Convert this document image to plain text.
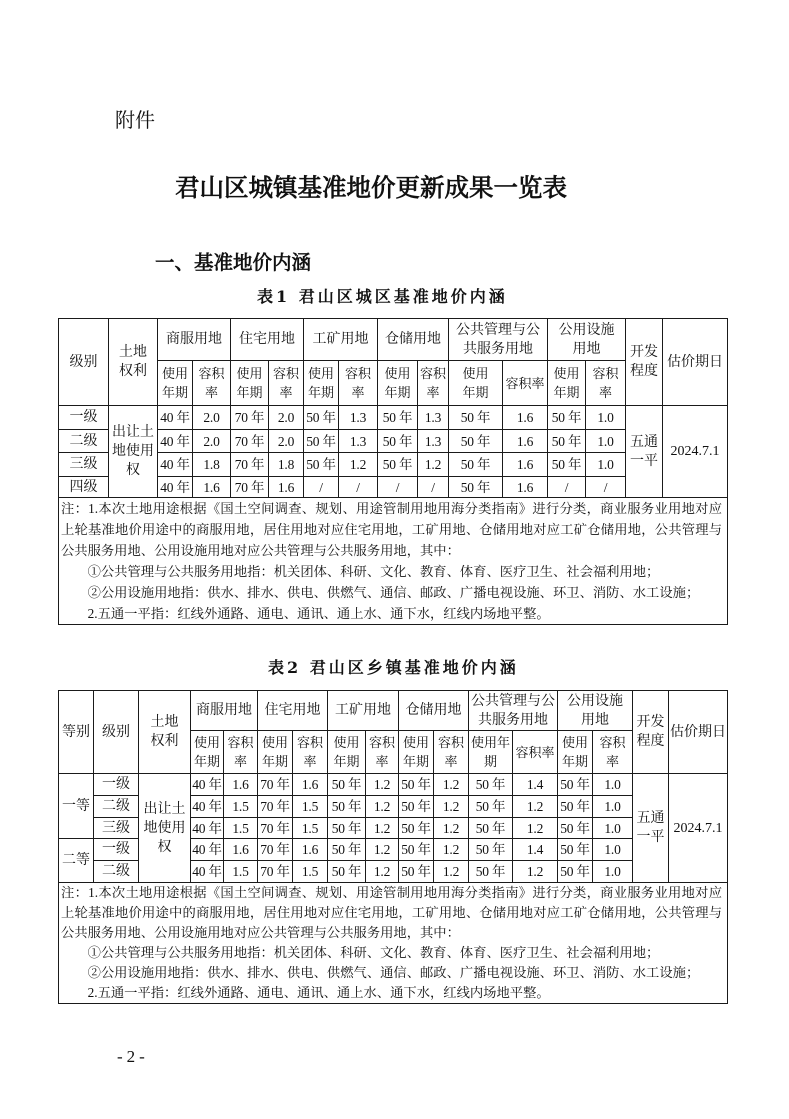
附件
君山区城镇基准地价更新成果一览表
一、基准地价内涵
表1 君山区城区基准地价内涵
级别	土地权利	商服用地		住宅用地		工矿用地		仓储用地		公共管理与公共服务用地		公用设施用地		开发程度	估价期日
		使用年期	容积率	使用年期	容积率	使用年期	容积率	使用年期	容积率	使用年期	容积率	使用年期	容积率		
一级	出让土地使用权	40 年	2.0	70 年	2.0	50 年	1.3	50 年	1.3	50 年	1.6	50 年	1.0	五通一平	2024.7.1
二级		40 年	2.0	70 年	2.0	50 年	1.3	50 年	1.3	50 年	1.6	50 年	1.0		
三级		40 年	1.8	70 年	1.8	50 年	1.2	50 年	1.2	50 年	1.6	50 年	1.0		
四级		40 年	1.6	70 年	1.6	/	/	/	/	50 年	1.6	/	/		

注：1.本次土地用途根据《国土空间调查、规划、用途管制用地用海分类指南》进行分类，商业服务业用地对应上轮基准地价用途中的商服用地，居住用地对应住宅用地，工矿用地、仓储用地对应工矿仓储用地，公共管理与公共服务用地、公用设施用地对应公共管理与公共服务用地，其中：

①公共管理与公共服务用地指：机关团体、科研、文化、教育、体育、医疗卫生、社会福利用地；

②公用设施用地指：供水、排水、供电、供燃气、通信、邮政、广播电视设施、环卫、消防、水工设施；

2.五通一平指：红线外通路、通电、通讯、通上水、通下水，红线内场地平整。															

表2 君山区乡镇基准地价内涵
等别	级别	土地权利	商服用地		住宅用地		工矿用地		仓储用地		公共管理与公共服务用地		公用设施用地		开发程度	估价期日
			使用年期	容积率	使用年期	容积率	使用年期	容积率	使用年期	容积率	使用年期	容积率	使用年期	容积率		
一等	一级	出让土地使用权	40 年	1.6	70 年	1.6	50 年	1.2	50 年	1.2	50 年	1.4	50 年	1.0	五通一平	2024.7.1
	二级		40 年	1.5	70 年	1.5	50 年	1.2	50 年	1.2	50 年	1.2	50 年	1.0		
	三级		40 年	1.5	70 年	1.5	50 年	1.2	50 年	1.2	50 年	1.2	50 年	1.0		
二等	一级		40 年	1.6	70 年	1.6	50 年	1.2	50 年	1.2	50 年	1.4	50 年	1.0		
	二级		40 年	1.5	70 年	1.5	50 年	1.2	50 年	1.2	50 年	1.2	50 年	1.0		

注：1.本次土地用途根据《国土空间调查、规划、用途管制用地用海分类指南》进行分类，商业服务业用地对应上轮基准地价用途中的商服用地，居住用地对应住宅用地，工矿用地、仓储用地对应工矿仓储用地，公共管理与公共服务用地、公用设施用地对应公共管理与公共服务用地，其中：

①公共管理与公共服务用地指：机关团体、科研、文化、教育、体育、医疗卫生、社会福利用地；

②公用设施用地指：供水、排水、供电、供燃气、通信、邮政、广播电视设施、环卫、消防、水工设施；

2.五通一平指：红线外通路、通电、通讯、通上水、通下水，红线内场地平整。																

-2-
